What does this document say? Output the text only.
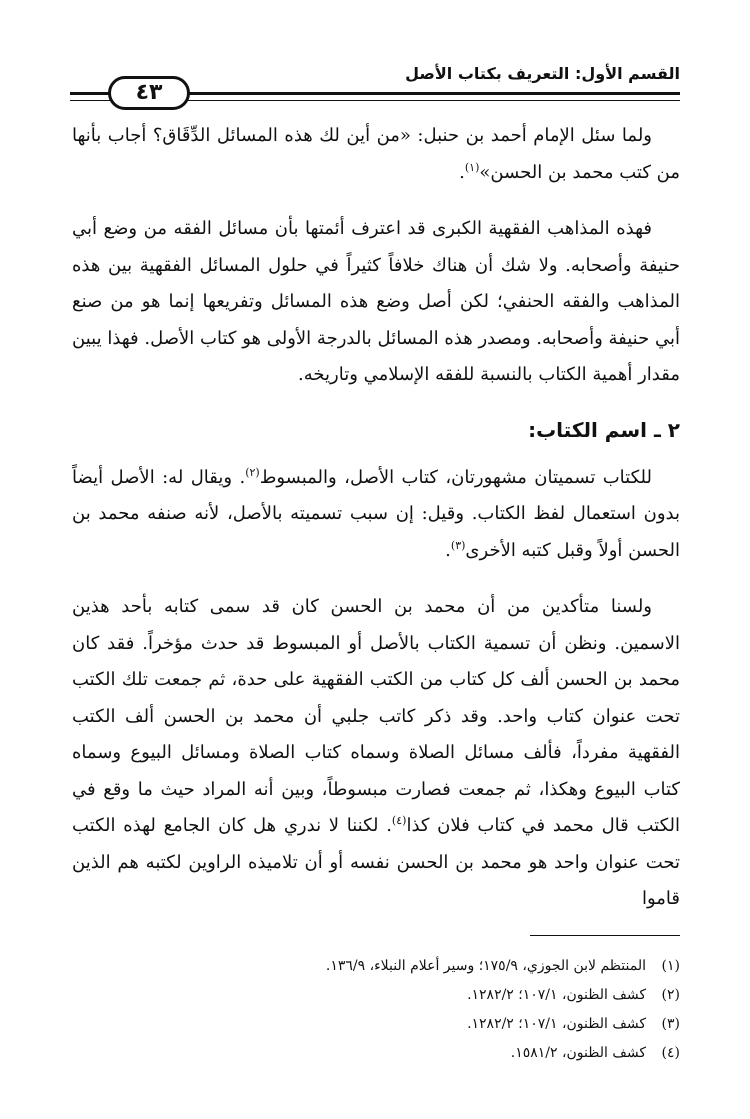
القسم الأول: التعريف بكتاب الأصل
٤٣

ولما سئل الإمام أحمد بن حنبل: «من أين لك هذه المسائل الدِّقَاق؟ أجاب بأنها من كتب محمد بن الحسن»$^{(١)}$.

فهذه المذاهب الفقهية الكبرى قد اعترف أئمتها بأن مسائل الفقه من وضع أبي حنيفة وأصحابه. ولا شك أن هناك خلافاً كثيراً في حلول المسائل الفقهية بين هذه المذاهب والفقه الحنفي؛ لكن أصل وضع هذه المسائل وتفريعها إنما هو من صنع أبي حنيفة وأصحابه. ومصدر هذه المسائل بالدرجة الأولى هو كتاب الأصل. فهذا يبين مقدار أهمية الكتاب بالنسبة للفقه الإسلامي وتاريخه.

٢ ـ اسم الكتاب:

للكتاب تسميتان مشهورتان، كتاب الأصل، والمبسوط$^{(٢)}$. ويقال له: الأصل أيضاً بدون استعمال لفظ الكتاب. وقيل: إن سبب تسميته بالأصل، لأنه صنفه محمد بن الحسن أولاً وقبل كتبه الأخرى$^{(٣)}$.

ولسنا متأكدين من أن محمد بن الحسن كان قد سمى كتابه بأحد هذين الاسمين. ونظن أن تسمية الكتاب بالأصل أو المبسوط قد حدث مؤخراً. فقد كان محمد بن الحسن ألف كل كتاب من الكتب الفقهية على حدة، ثم جمعت تلك الكتب تحت عنوان كتاب واحد. وقد ذكر كاتب جلبي أن محمد بن الحسن ألف الكتب الفقهية مفرداً، فألف مسائل الصلاة وسماه كتاب الصلاة ومسائل البيوع وسماه كتاب البيوع وهكذا، ثم جمعت فصارت مبسوطاً، وبين أنه المراد حيث ما وقع في الكتب قال محمد في كتاب فلان كذا$^{(٤)}$. لكننا لا ندري هل كان الجامع لهذه الكتب تحت عنوان واحد هو محمد بن الحسن نفسه أو أن تلاميذه الراوين لكتبه هم الذين قاموا

(١)المنتظم لابن الجوزي، ١٧٥/٩؛ وسير أعلام النبلاء، ١٣٦/٩.
(٢)كشف الظنون، ١٠٧/١؛ ١٢٨٢/٢.
(٣)كشف الظنون، ١٠٧/١؛ ١٢٨٢/٢.
(٤)كشف الظنون، ١٥٨١/٢.
